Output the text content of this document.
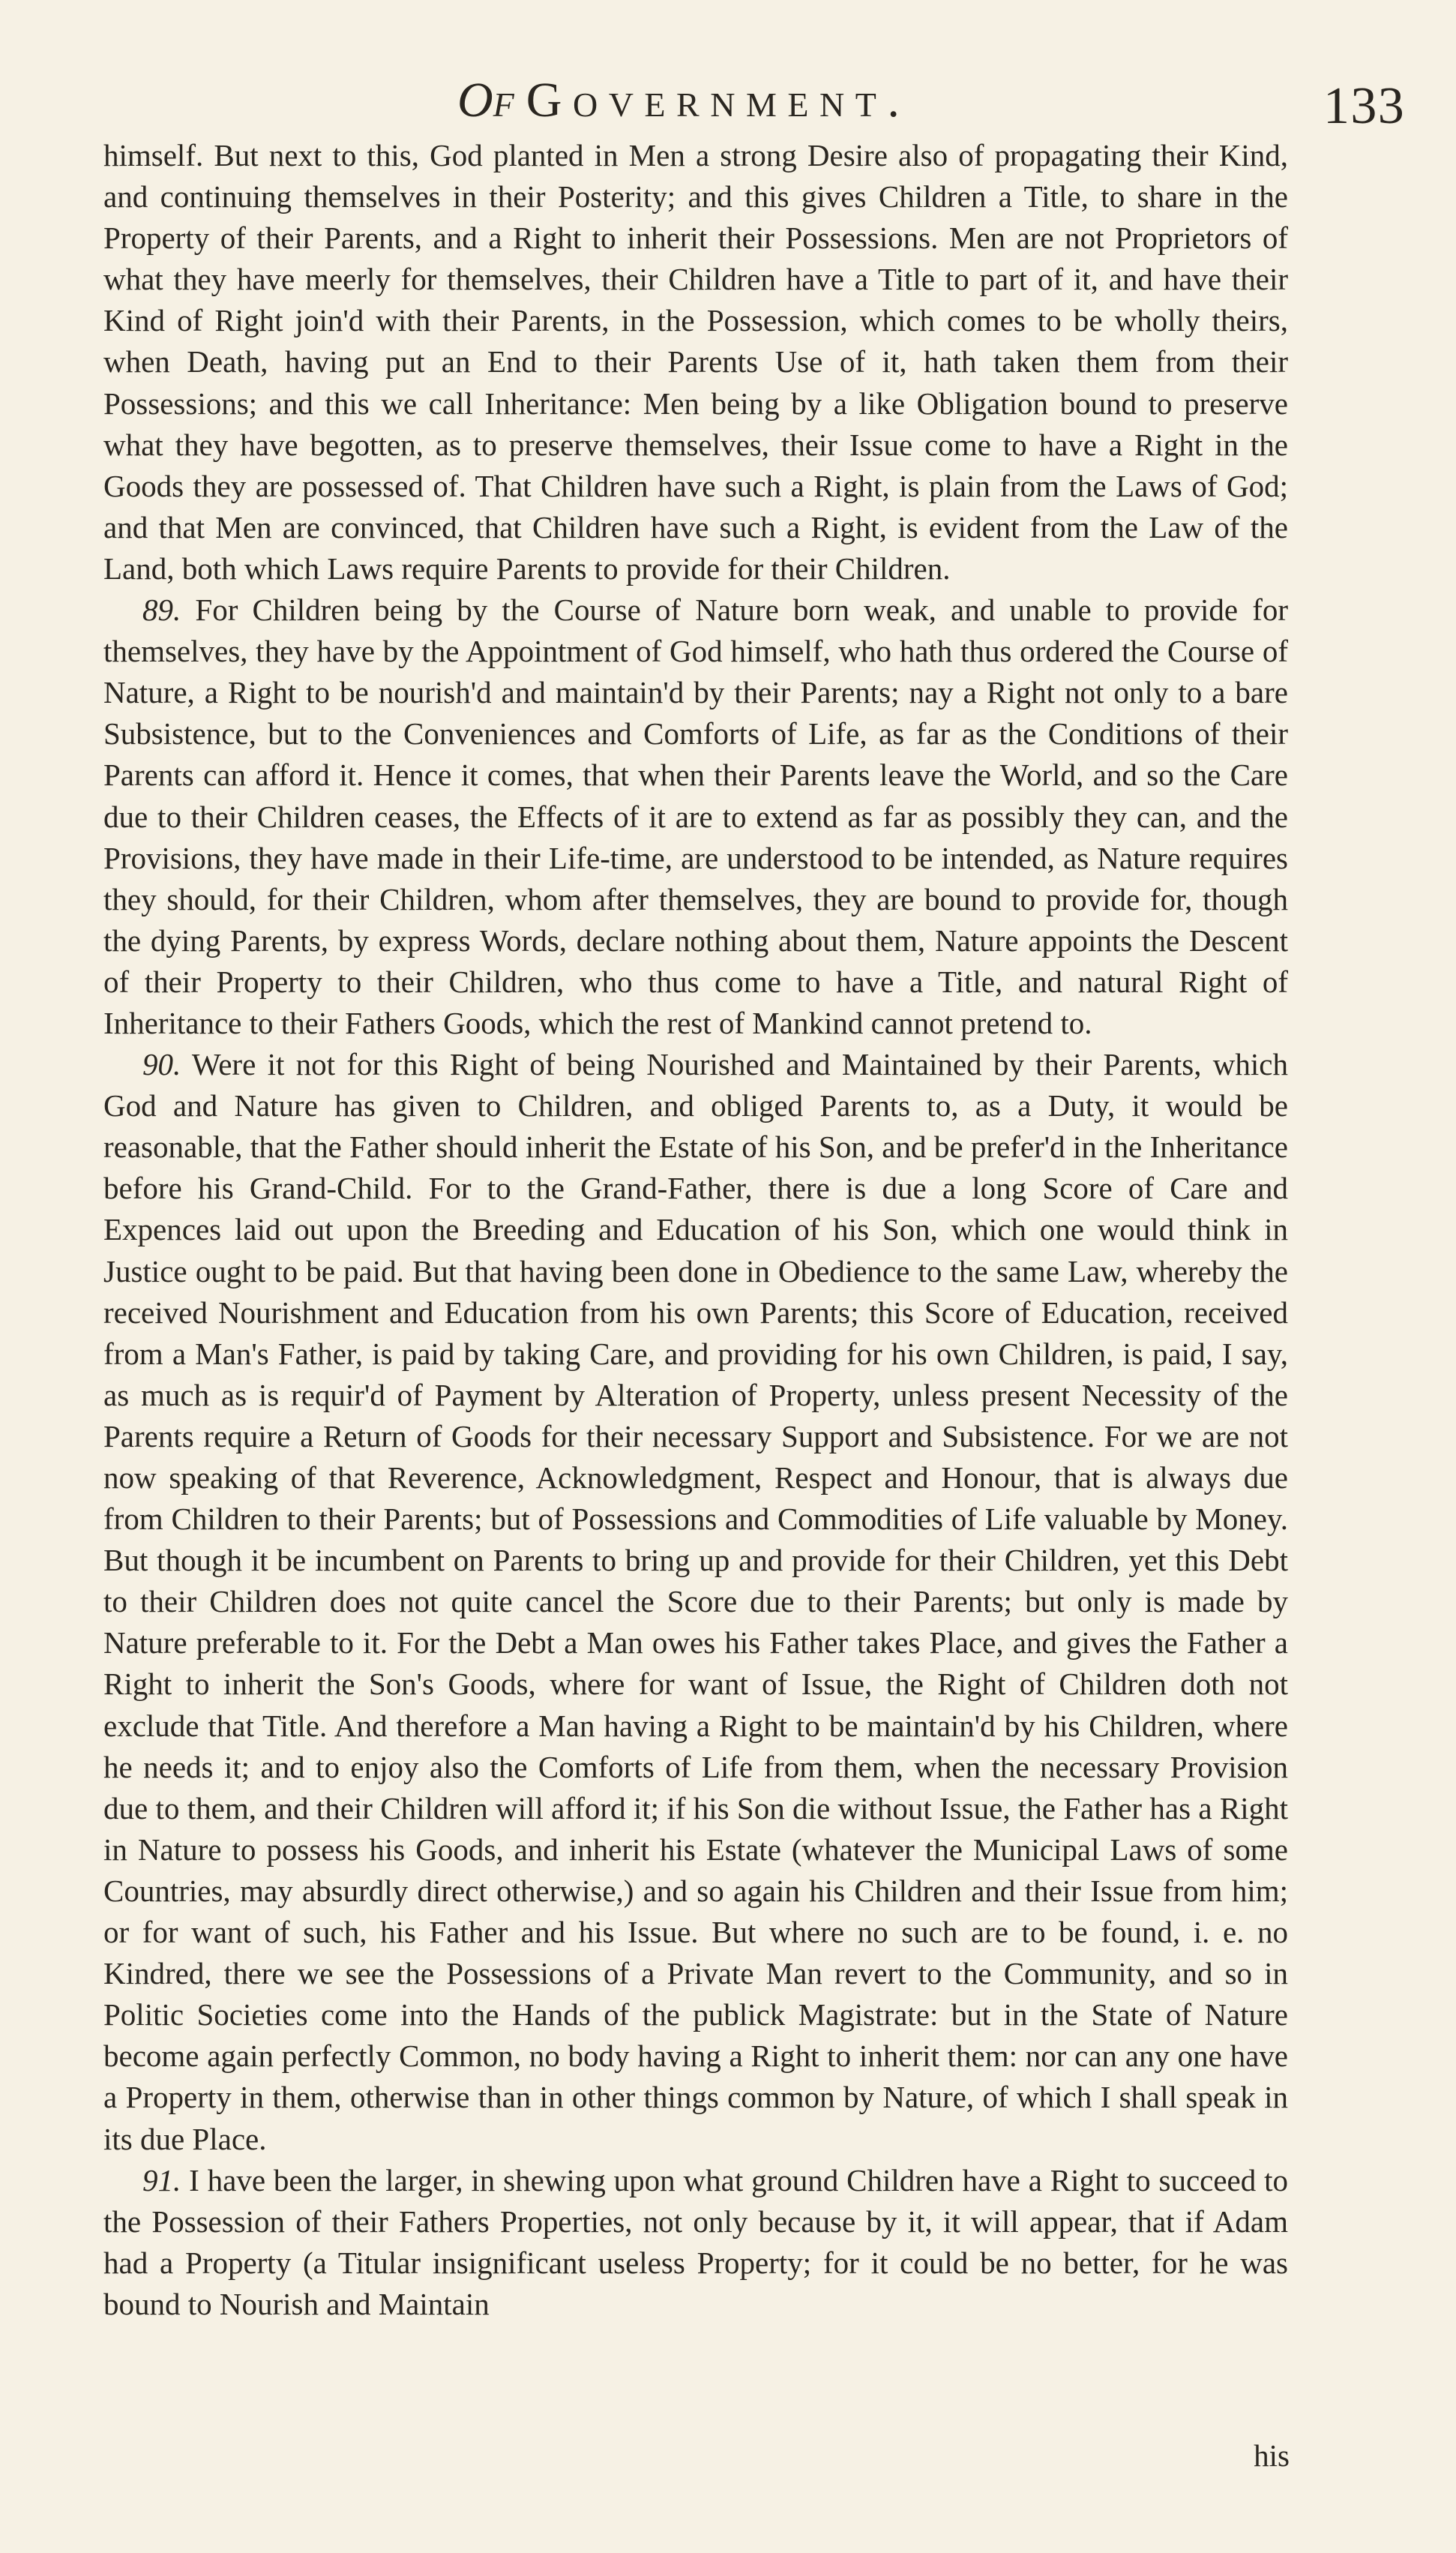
Of Government.	133

himself. But next to this, God planted in Men a strong Desire also of propagating their Kind, and continuing themselves in their Posterity; and this gives Children a Title, to share in the Property of their Parents, and a Right to inherit their Possessions. Men are not Proprietors of what they have meerly for themselves, their Children have a Title to part of it, and have their Kind of Right join'd with their Parents, in the Possession, which comes to be wholly theirs, when Death, having put an End to their Parents Use of it, hath taken them from their Possessions; and this we call Inheritance: Men being by a like Obligation bound to preserve what they have begotten, as to preserve themselves, their Issue come to have a Right in the Goods they are possessed of. That Children have such a Right, is plain from the Laws of God; and that Men are convinced, that Children have such a Right, is evident from the Law of the Land, both which Laws require Parents to provide for their Children.

89. For Children being by the Course of Nature born weak, and unable to provide for themselves, they have by the Appointment of God himself, who hath thus ordered the Course of Nature, a Right to be nourish'd and maintain'd by their Parents; nay a Right not only to a bare Subsistence, but to the Conveniences and Comforts of Life, as far as the Conditions of their Parents can afford it. Hence it comes, that when their Parents leave the World, and so the Care due to their Children ceases, the Effects of it are to extend as far as possibly they can, and the Provisions, they have made in their Life-time, are understood to be intended, as Nature requires they should, for their Children, whom after themselves, they are bound to provide for, though the dying Parents, by express Words, declare nothing about them, Nature appoints the Descent of their Property to their Children, who thus come to have a Title, and natural Right of Inheritance to their Fathers Goods, which the rest of Mankind cannot pretend to.

90. Were it not for this Right of being Nourished and Maintained by their Parents, which God and Nature has given to Children, and obliged Parents to, as a Duty, it would be reasonable, that the Father should inherit the Estate of his Son, and be prefer'd in the Inheritance before his Grand-Child. For to the Grand-Father, there is due a long Score of Care and Expences laid out upon the Breeding and Education of his Son, which one would think in Justice ought to be paid. But that having been done in Obedience to the same Law, whereby the received Nourishment and Education from his own Parents; this Score of Education, received from a Man's Father, is paid by taking Care, and providing for his own Children, is paid, I say, as much as is requir'd of Payment by Alteration of Property, unless present Necessity of the Parents require a Return of Goods for their necessary Support and Subsistence. For we are not now speaking of that Reverence, Acknowledgment, Respect and Honour, that is always due from Children to their Parents; but of Possessions and Commodities of Life valuable by Money. But though it be incumbent on Parents to bring up and provide for their Children, yet this Debt to their Children does not quite cancel the Score due to their Parents; but only is made by Nature preferable to it. For the Debt a Man owes his Father takes Place, and gives the Father a Right to inherit the Son's Goods, where for want of Issue, the Right of Children doth not exclude that Title. And therefore a Man having a Right to be maintain'd by his Children, where he needs it; and to enjoy also the Comforts of Life from them, when the necessary Provision due to them, and their Children will afford it; if his Son die without Issue, the Father has a Right in Nature to possess his Goods, and inherit his Estate (whatever the Municipal Laws of some Countries, may absurdly direct otherwise,) and so again his Children and their Issue from him; or for want of such, his Father and his Issue. But where no such are to be found, i. e. no Kindred, there we see the Possessions of a Private Man revert to the Community, and so in Politic Societies come into the Hands of the publick Magistrate: but in the State of Nature become again perfectly Common, no body having a Right to inherit them: nor can any one have a Property in them, otherwise than in other things common by Nature, of which I shall speak in its due Place.

91. I have been the larger, in shewing upon what ground Children have a Right to succeed to the Possession of their Fathers Properties, not only because by it, it will appear, that if Adam had a Property (a Titular insignificant useless Property; for it could be no better, for he was bound to Nourish and Maintain

his
